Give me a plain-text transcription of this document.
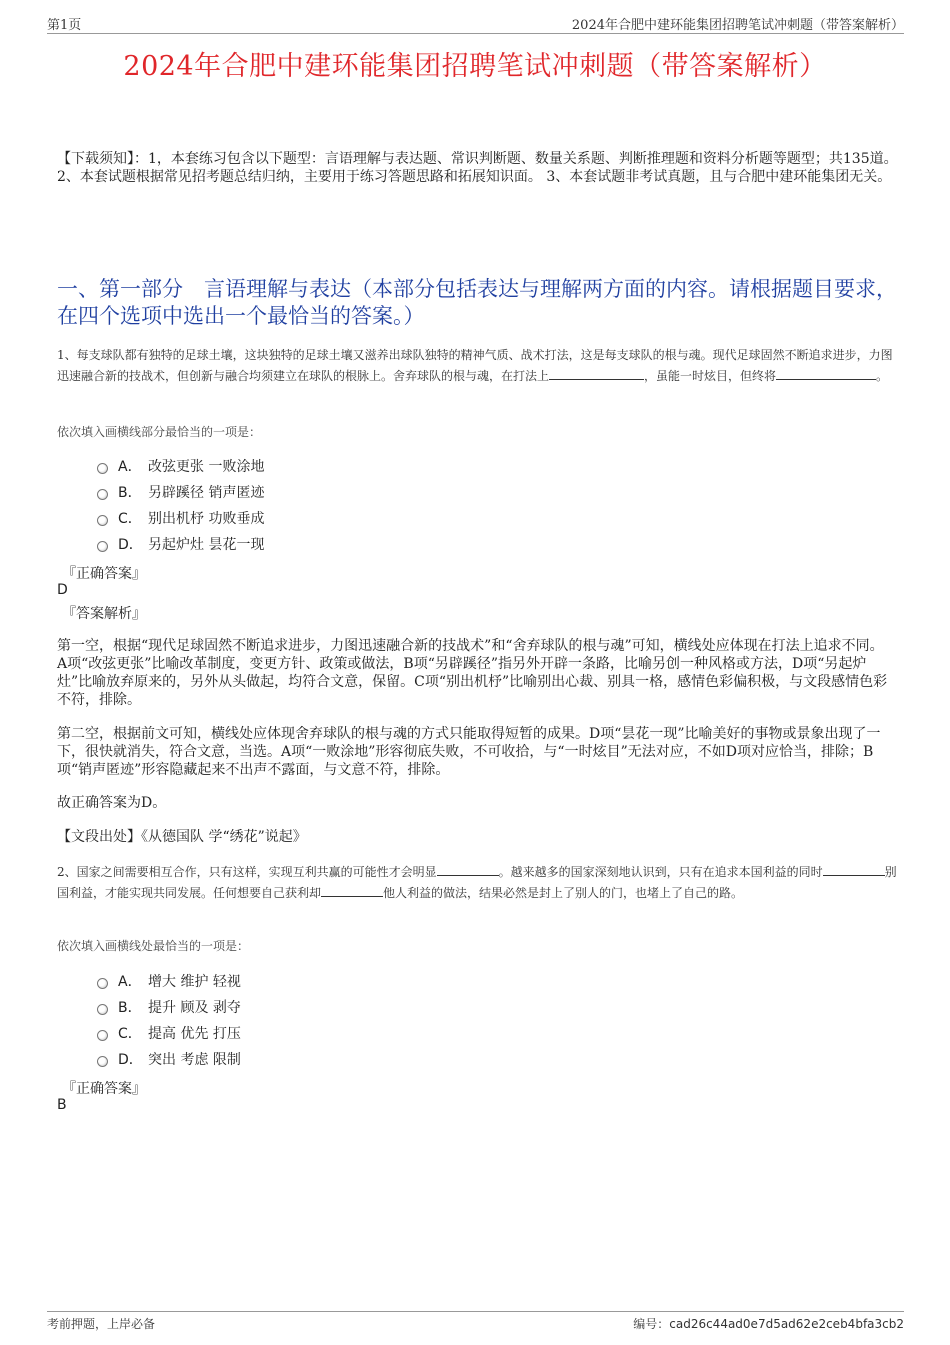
第1页	2024年合肥中建环能集团招聘笔试冲刺题（带答案解析）
2024年合肥中建环能集团招聘笔试冲刺题（带答案解析）
【下载须知】：1，本套练习包含以下题型：言语理解与表达题、常识判断题、数量关系题、判断推理题和资料分析题等题型；共135道。 2、本套试题根据常见招考题总结归纳，主要用于练习答题思路和拓展知识面。 3、本套试题非考试真题，且与合肥中建环能集团无关。
一、第一部分　言语理解与表达（本部分包括表达与理解两方面的内容。请根据题目要求，在四个选项中选出一个最恰当的答案。）
1、每支球队都有独特的足球土壤，这块独特的足球土壤又滋养出球队独特的精神气质、战术打法，这是每支球队的根与魂。现代足球固然不断追求进步，力图迅速融合新的技战术，但创新与融合均须建立在球队的根脉上。舍弃球队的根与魂，在打法上	，虽能一时炫目，但终将	。
依次填入画横线部分最恰当的一项是：
A． 改弦更张 一败涂地
B． 另辟蹊径 销声匿迹
C． 别出机杼 功败垂成
D． 另起炉灶 昙花一现
『正确答案』
D
『答案解析』
第一空，根据“现代足球固然不断追求进步，力图迅速融合新的技战术”和“舍弃球队的根与魂”可知，横线处应体现在打法上追求不同。A项“改弦更张”比喻改革制度，变更方针、政策或做法，B项“另辟蹊径”指另外开辟一条路，比喻另创一种风格或方法，D项“另起炉灶”比喻放弃原来的，另外从头做起，均符合文意，保留。C项“别出机杼”比喻别出心裁、别具一格，感情色彩偏积极，与文段感情色彩不符，排除。
第二空，根据前文可知，横线处应体现舍弃球队的根与魂的方式只能取得短暂的成果。D项“昙花一现”比喻美好的事物或景象出现了一下，很快就消失，符合文意，当选。A项“一败涂地”形容彻底失败，不可收拾，与“一时炫目”无法对应，不如D项对应恰当，排除；B项“销声匿迹”形容隐藏起来不出声不露面，与文意不符，排除。
故正确答案为D。
【文段出处】《从德国队 学“绣花”说起》
2、国家之间需要相互合作，只有这样，实现互利共赢的可能性才会明显	。越来越多的国家深刻地认识到，只有在追求本国利益的同时	别国利益，才能实现共同发展。任何想要自己获利却	他人利益的做法，结果必然是封上了别人的门，也堵上了自己的路。
依次填入画横线处最恰当的一项是：
A． 增大 维护 轻视
B． 提升 顾及 剥夺
C． 提高 优先 打压
D． 突出 考虑 限制
『正确答案』
B
考前押题，上岸必备	编号：cad26c44ad0e7d5ad62e2ceb4bfa3cb2
